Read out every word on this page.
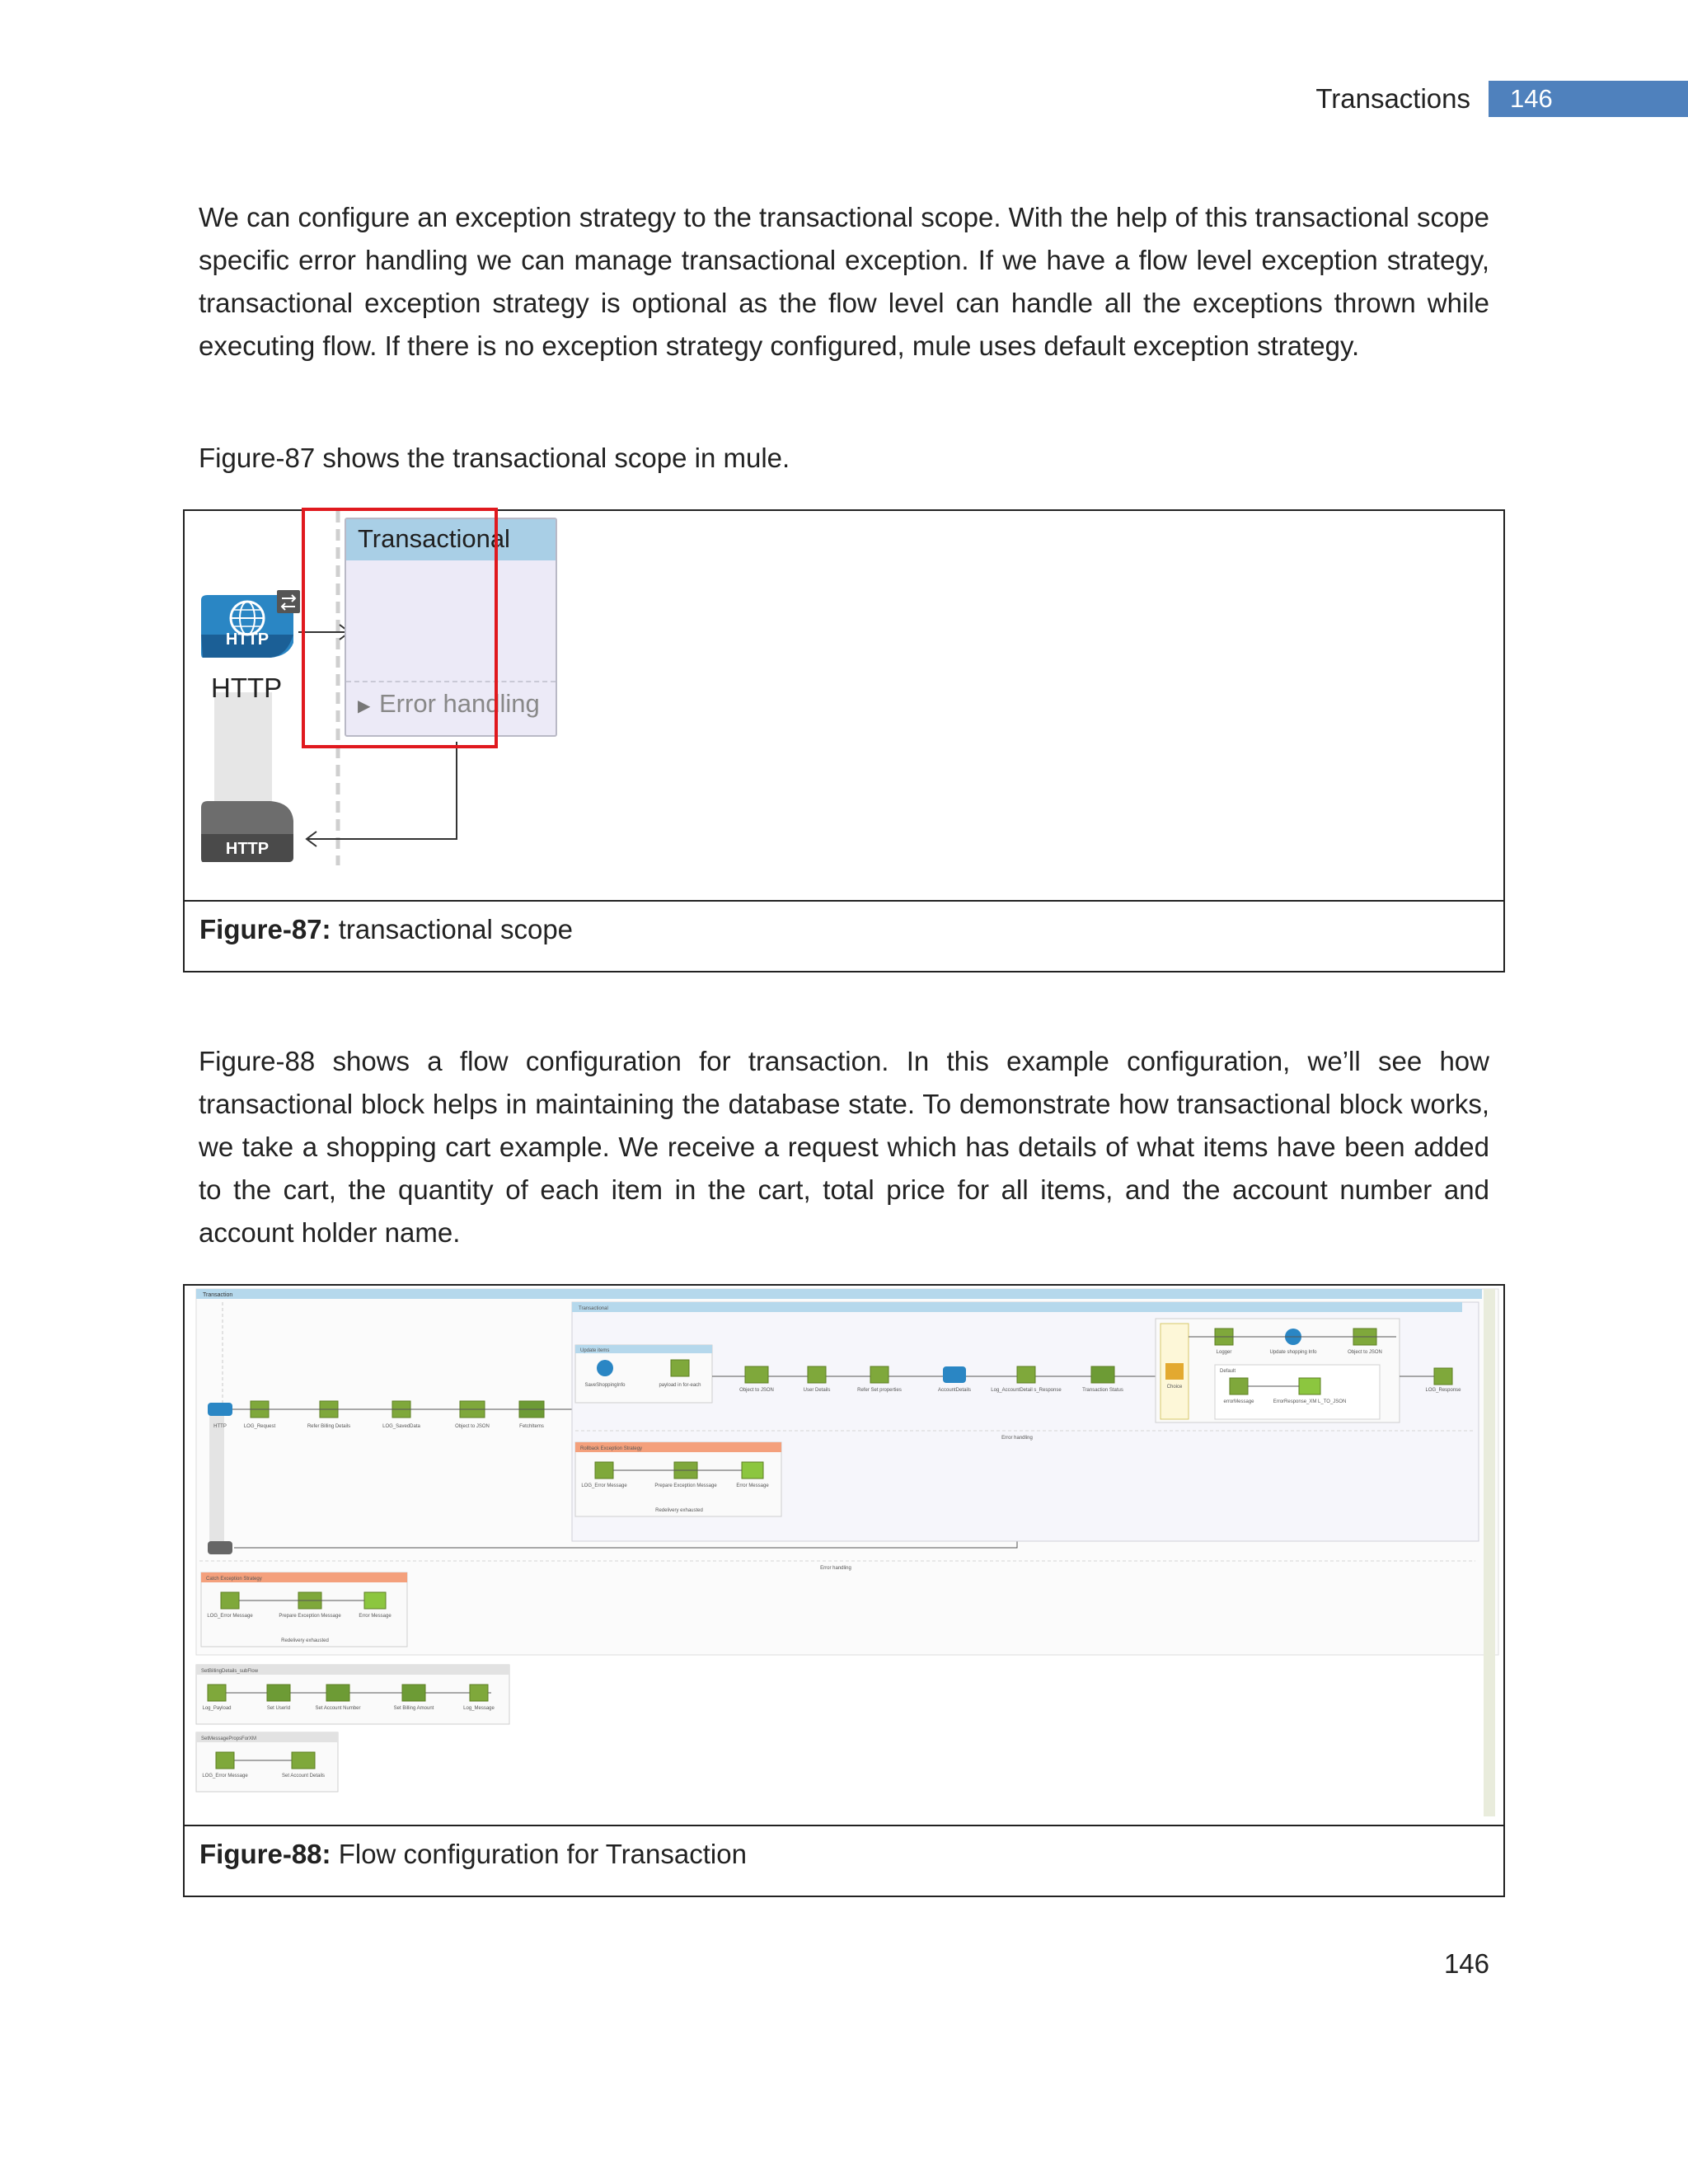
Transactions 146

We can configure an exception strategy to the transactional scope. With the help of this transactional scope specific error handling we can manage transactional exception. If we have a flow level exception strategy, transactional exception strategy is optional as the flow level can handle all the exceptions thrown while executing flow. If there is no exception strategy configured, mule uses default exception strategy.

Figure-87 shows the transactional scope in mule.

HTTP
HTTP
HTTP
Transactional
▶ Error handling
Figure-87: transactional scope

Figure-88 shows a flow configuration for transaction. In this example configuration, we’ll see how transactional block helps in maintaining the database state. To demonstrate how transactional block works, we take a shopping cart example. We receive a request which has details of what items have been added to the cart, the quantity of each item in the cart, total price for all items, and the account number and account holder name.

Transaction
HTTP	LOG_Request	Refer Billing Details	LOG_SavedData	Object to JSON	FetchItems
Transactional
Update items
SaveShoppingInfo	payload in for-each
Object to JSON	User Details	Refer Set properties	AccountDetails	Log_AccountDetail s_Response	Transaction Status
Choice
Logger	Update shopping Info	Object to JSON
Default
errorMessage	ErrorResponse_XM L_TO_JSON
LOG_Response
Error handling
Rollback Exception Strategy
LOG_Error Message	Prepare Exception Message	Error Message
Redelivery exhausted
Error handling
Catch Exception Strategy
LOG_Error Message	Prepare Exception Message	Error Message
Redelivery exhausted
SetBillingDetails_subFlow
Log_Payload	Set UserId	Set Account Number	Set Billing Amount	Log_Message
SetMessagePropsForXM
LOG_Error Message	Set Account Details
Figure-88: Flow configuration for Transaction
146
